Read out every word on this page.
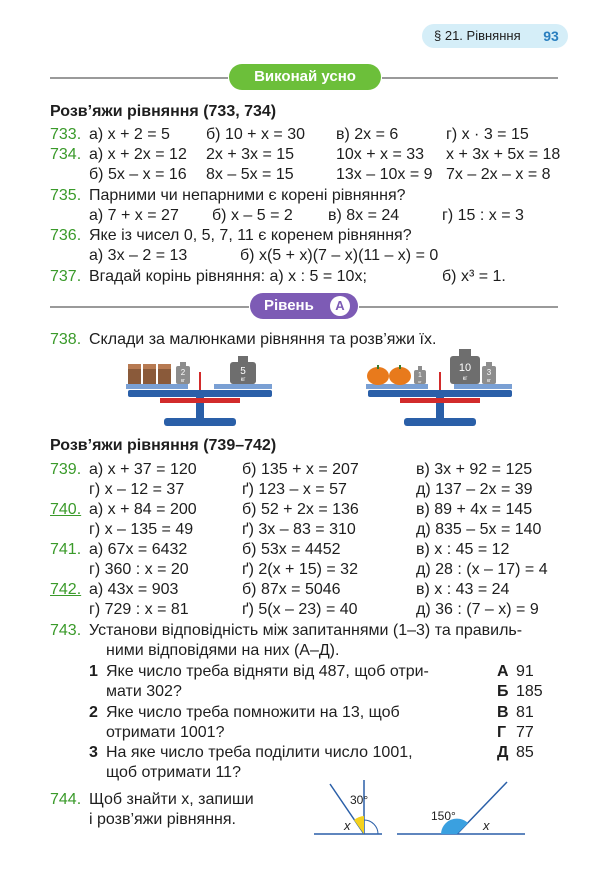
§ 21. Рівняння	93
Виконай усно
Розв’яжи рівняння (733, 734)
733. а) x + 2 = 5 б) 10 + x = 30 в) 2x = 6	г) x · 3 = 15
734. а) x + 2x = 12 2x + 3x = 15	10x + x = 33 x + 3x + 5x = 18
б) 5x – x = 16 8x – 5x = 15	13x – 10x = 9 7x – 2x – x = 8
735. Парними чи непарними є корені рівняння?
а) 7 + x = 27 б) x – 5 = 2 в) 8x = 24	г) 15 : x = 3
736. Яке із чисел 0, 5, 7, 11 є коренем рівняння?
а) 3x – 2 = 13	б) x(5 + x)(7 – x)(11 – x) = 0
737. Вгадай корінь рівняння: а) x : 5 = 10x;	б) x³ = 1.
Рівень	А
738. Склади за малюнками рівняння та розв’яжи їх.
2
кг
5
кг
1
кг
10
кг
3
кг
Розв’яжи рівняння (739–742)
739. а) x + 37 = 120	б) 135 + x = 207	в) 3x + 92 = 125
г) x – 12 = 37	ґ) 123 – x = 57	д) 137 – 2x = 39
740. а) x + 84 = 200	б) 52 + 2x = 136	в) 89 + 4x = 145
г) x – 135 = 49	ґ) 3x – 83 = 310	д) 835 – 5x = 140
741. а) 67x = 6432	б) 53x = 4452	в) x : 45 = 12
г) 360 : x = 20	ґ) 2(x + 15) = 32	д) 28 : (x – 17) = 4
742. а) 43x = 903	б) 87x = 5046	в) x : 43 = 24
г) 729 : x = 81	ґ) 5(x – 23) = 40	д) 36 : (7 – x) = 9
743. Установи відповідність між запитаннями (1–3) та правиль-
ними відповідями на них (А–Д).
1 Яке число треба відняти від 487, щоб отри-
мати 302?
2 Яке число треба помножити на 13, щоб
отримати 1001?
3 На яке число треба поділити число 1001,
щоб отримати 11?
А 91
Б 185
В 81
Г 77
Д 85
744. Щоб знайти x, запиши
і розв’яжи рівняння.
30°
x
150°
x
